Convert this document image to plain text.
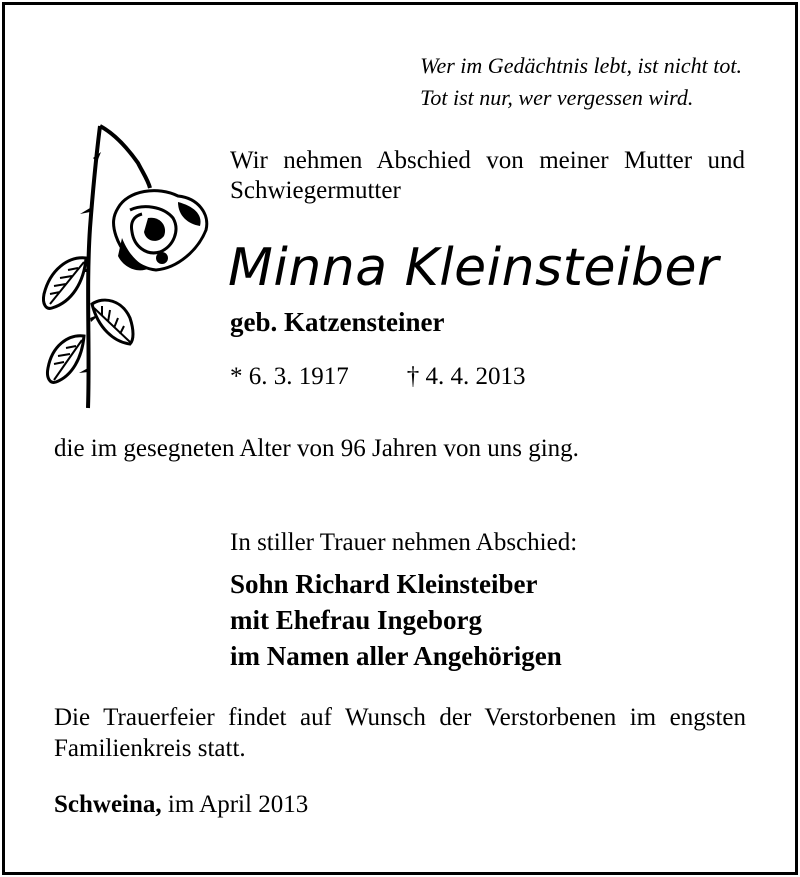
Wer im Gedächtnis lebt, ist nicht tot.
Tot ist nur, wer vergessen wird.
Wir nehmen Abschied von meiner Mutter und Schwiegermutter
Minna Kleinsteiber
geb. Katzensteiner
* 6. 3. 1917 † 4. 4. 2013
die im gesegneten Alter von 96 Jahren von uns ging.
In stiller Trauer nehmen Abschied:
Sohn Richard Kleinsteiber
mit Ehefrau Ingeborg
im Namen aller Angehörigen
Die Trauerfeier findet auf Wunsch der Verstorbenen im engsten Familienkreis statt.
Schweina, im April 2013
